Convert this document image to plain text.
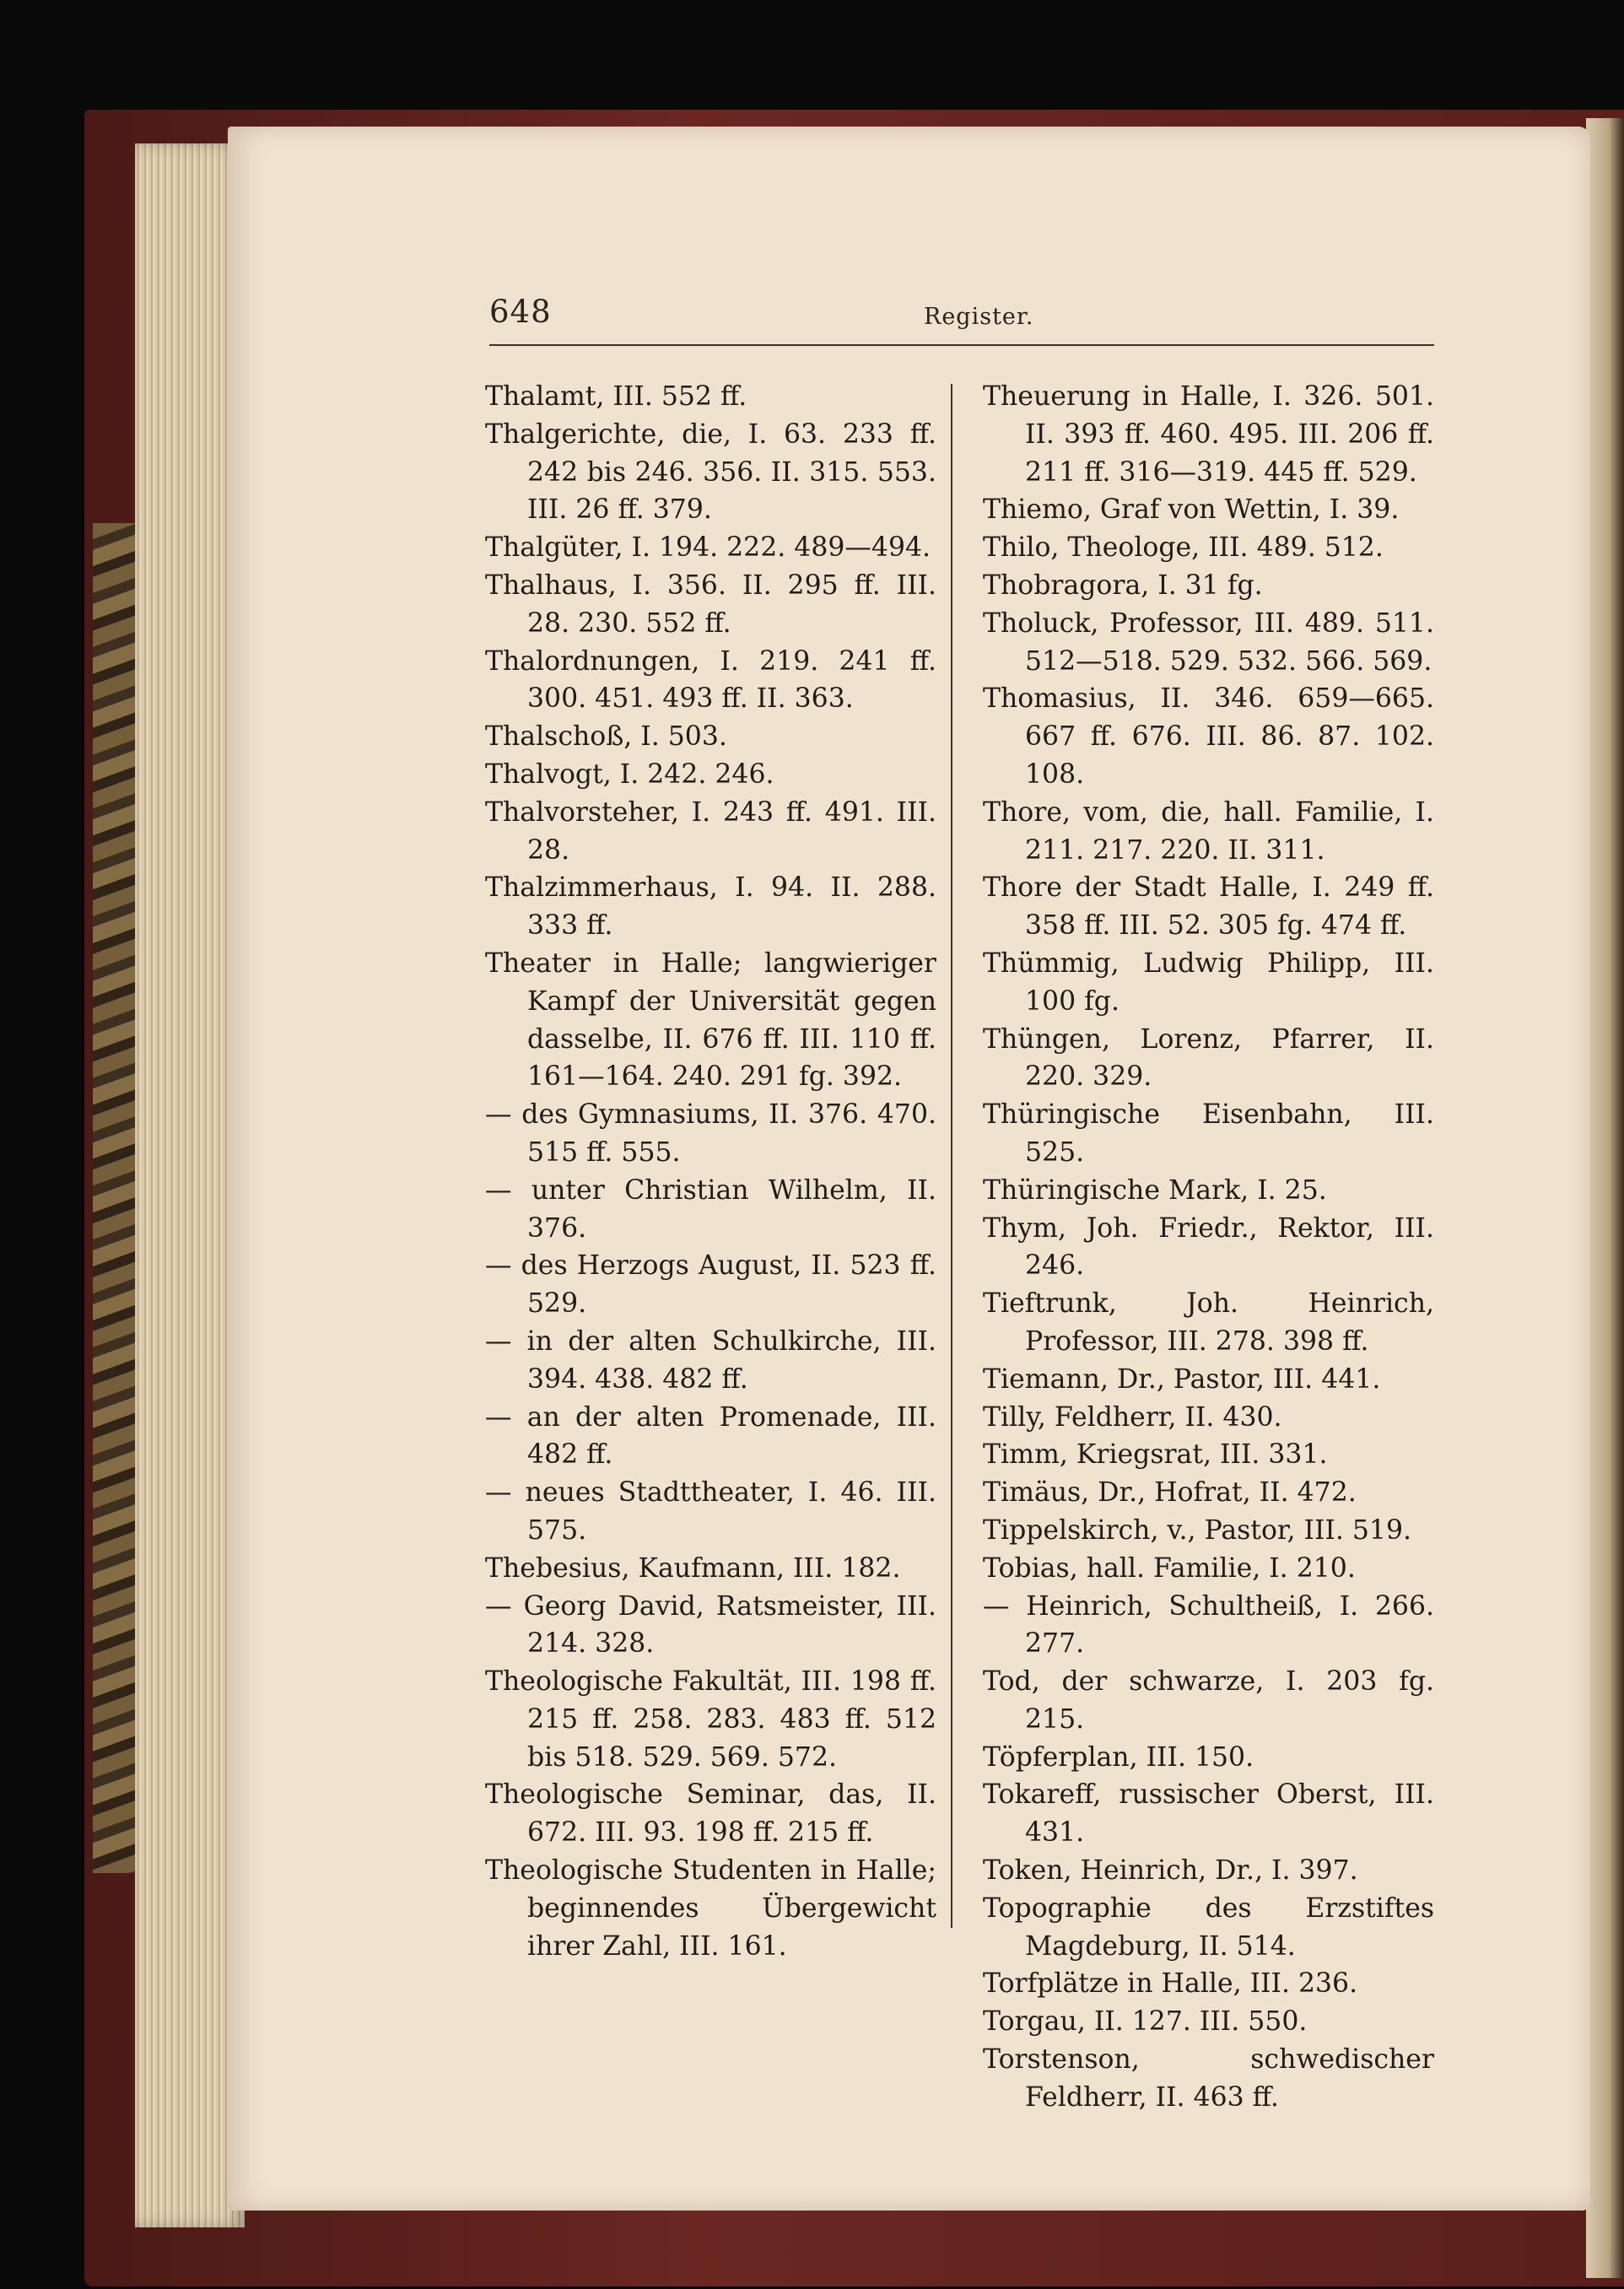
648	Register.

Thalamt, III. 552 ff.

Thalgerichte, die, I. 63. 233 ff. 242 bis 246. 356. II. 315. 553. III. 26 ff. 379.

Thalgüter, I. 194. 222. 489—494.

Thalhaus, I. 356. II. 295 ff. III. 28. 230. 552 ff.

Thalordnungen, I. 219. 241 ff. 300. 451. 493 ff. II. 363.

Thalschoß, I. 503.

Thalvogt, I. 242. 246.

Thalvorsteher, I. 243 ff. 491. III. 28.

Thalzimmerhaus, I. 94. II. 288. 333 ff.

Theater in Halle; langwieriger Kampf der Universität gegen dasselbe, II. 676 ff. III. 110 ff. 161—164. 240. 291 fg. 392.

— des Gymnasiums, II. 376. 470. 515 ff. 555.

— unter Christian Wilhelm, II. 376.

— des Herzogs August, II. 523 ff. 529.

— in der alten Schulkirche, III. 394. 438. 482 ff.

— an der alten Promenade, III. 482 ff.

— neues Stadttheater, I. 46. III. 575.

Thebesius, Kaufmann, III. 182.

— Georg David, Ratsmeister, III. 214. 328.

Theologische Fakultät, III. 198 ff. 215 ff. 258. 283. 483 ff. 512 bis 518. 529. 569. 572.

Theologische Seminar, das, II. 672. III. 93. 198 ff. 215 ff.

Theologische Studenten in Halle; beginnendes Übergewicht ihrer Zahl, III. 161.

Theuerung in Halle, I. 326. 501. II. 393 ff. 460. 495. III. 206 ff. 211 ff. 316—319. 445 ff. 529.

Thiemo, Graf von Wettin, I. 39.

Thilo, Theologe, III. 489. 512.

Thobragora, I. 31 fg.

Tholuck, Professor, III. 489. 511. 512—518. 529. 532. 566. 569.

Thomasius, II. 346. 659—665. 667 ff. 676. III. 86. 87. 102. 108.

Thore, vom, die, hall. Familie, I. 211. 217. 220. II. 311.

Thore der Stadt Halle, I. 249 ff. 358 ff. III. 52. 305 fg. 474 ff.

Thümmig, Ludwig Philipp, III. 100 fg.

Thüngen, Lorenz, Pfarrer, II. 220. 329.

Thüringische Eisenbahn, III. 525.

Thüringische Mark, I. 25.

Thym, Joh. Friedr., Rektor, III. 246.

Tieftrunk, Joh. Heinrich, Professor, III. 278. 398 ff.

Tiemann, Dr., Pastor, III. 441.

Tilly, Feldherr, II. 430.

Timm, Kriegsrat, III. 331.

Timäus, Dr., Hofrat, II. 472.

Tippelskirch, v., Pastor, III. 519.

Tobias, hall. Familie, I. 210.

— Heinrich, Schultheiß, I. 266. 277.

Tod, der schwarze, I. 203 fg. 215.

Töpferplan, III. 150.

Tokareff, russischer Oberst, III. 431.

Token, Heinrich, Dr., I. 397.

Topographie des Erzstiftes Magdeburg, II. 514.

Torfplätze in Halle, III. 236.

Torgau, II. 127. III. 550.

Torstenson, schwedischer Feldherr, II. 463 ff.
